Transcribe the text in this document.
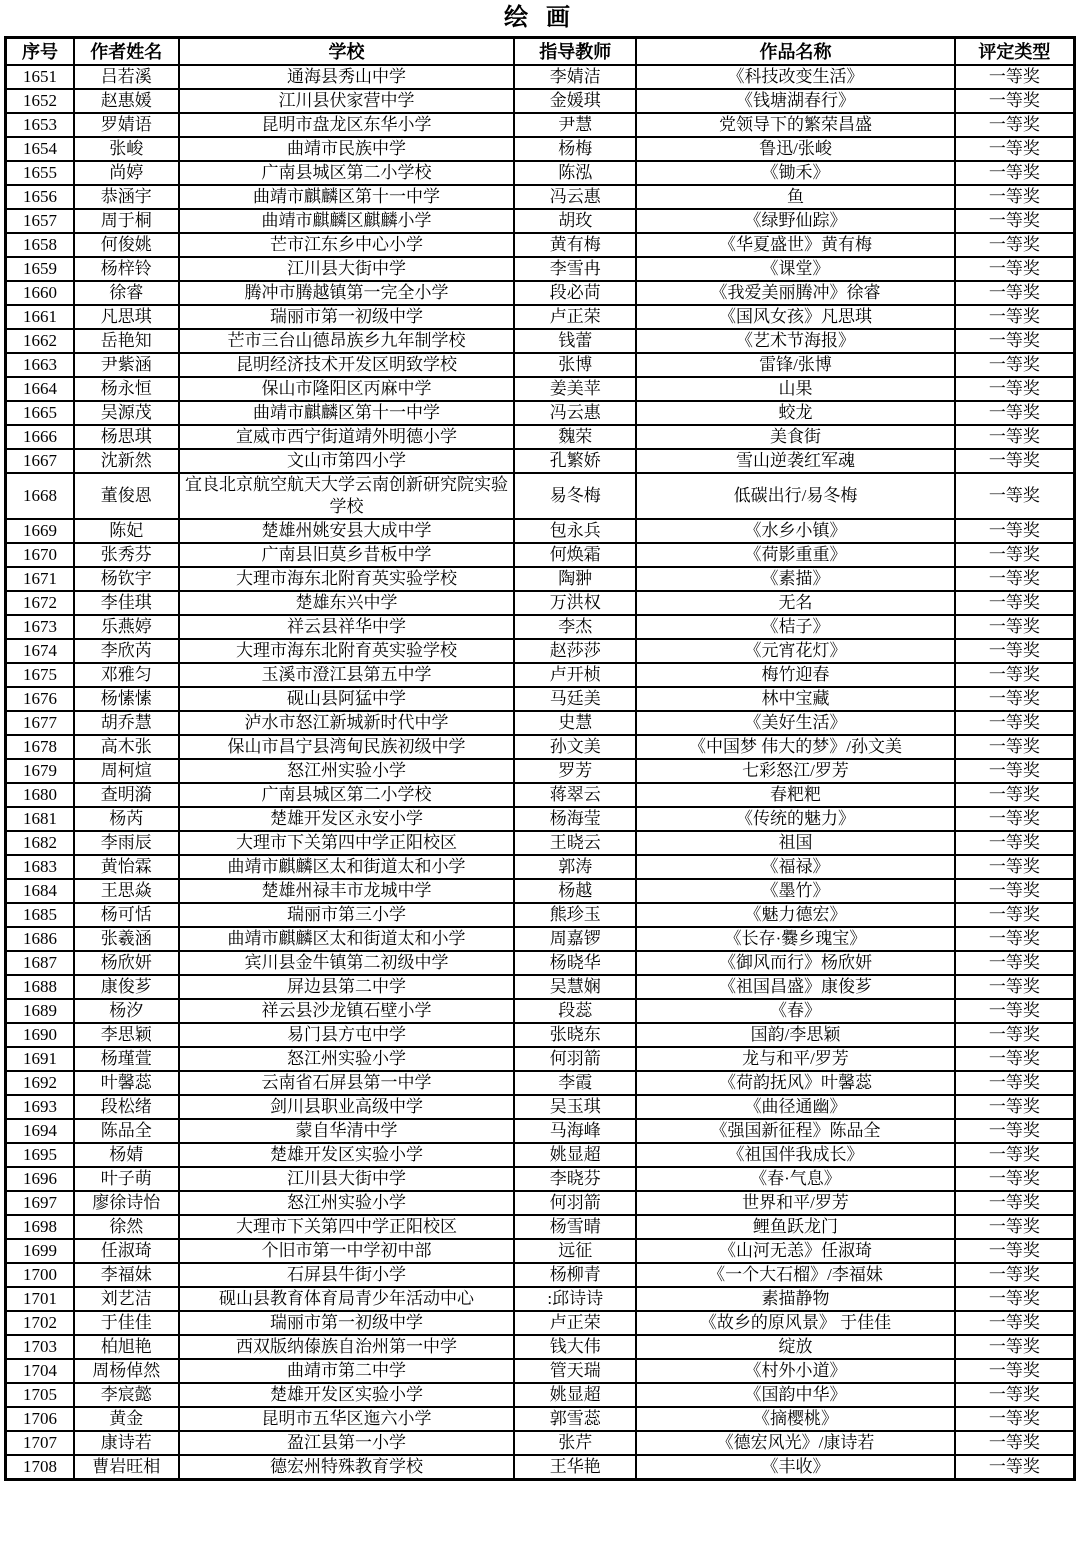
绘 画
序号	作者姓名	学校	指导教师	作品名称	评定类型
1651	吕若溪	通海县秀山中学	李婧洁	《科技改变生活》	一等奖
1652	赵惠媛	江川县伏家营中学	金媛琪	《钱塘湖春行》	一等奖
1653	罗婧语	昆明市盘龙区东华小学	尹慧	党领导下的繁荣昌盛	一等奖
1654	张峻	曲靖市民族中学	杨梅	鲁迅/张峻	一等奖
1655	尚婷	广南县城区第二小学校	陈泓	《锄禾》	一等奖
1656	恭涵宇	曲靖市麒麟区第十一中学	冯云惠	鱼	一等奖
1657	周于桐	曲靖市麒麟区麒麟小学	胡玫	《绿野仙踪》	一等奖
1658	何俊姚	芒市江东乡中心小学	黄有梅	《华夏盛世》黄有梅	一等奖
1659	杨梓铃	江川县大街中学	李雪冉	《课堂》	一等奖
1660	徐睿	腾冲市腾越镇第一完全小学	段必苘	《我爱美丽腾冲》徐睿	一等奖
1661	凡思琪	瑞丽市第一初级中学	卢正荣	《国风女孩》凡思琪	一等奖
1662	岳艳知	芒市三台山德昂族乡九年制学校	钱蕾	《艺术节海报》	一等奖
1663	尹紫涵	昆明经济技术开发区明致学校	张博	雷锋/张博	一等奖
1664	杨永恒	保山市隆阳区丙麻中学	姜美苹	山果	一等奖
1665	吴源茂	曲靖市麒麟区第十一中学	冯云惠	蛟龙	一等奖
1666	杨思琪	宣威市西宁街道靖外明德小学	魏荣	美食街	一等奖
1667	沈新然	文山市第四小学	孔繁娇	雪山逆袭红军魂	一等奖
1668	董俊恩	宜良北京航空航天大学云南创新研究院实验学校	易冬梅	低碳出行/易冬梅	一等奖
1669	陈妃	楚雄州姚安县大成中学	包永兵	《水乡小镇》	一等奖
1670	张秀芬	广南县旧莫乡昔板中学	何焕霜	《荷影重重》	一等奖
1671	杨钦宇	大理市海东北附育英实验学校	陶翀	《素描》	一等奖
1672	李佳琪	楚雄东兴中学	万洪权	无名	一等奖
1673	乐燕婷	祥云县祥华中学	李杰	《桔子》	一等奖
1674	李欣芮	大理市海东北附育英实验学校	赵莎莎	《元宵花灯》	一等奖
1675	邓雅匀	玉溪市澄江县第五中学	卢开桢	梅竹迎春	一等奖
1676	杨愫愫	砚山县阿猛中学	马廷美	林中宝藏	一等奖
1677	胡乔慧	泸水市怒江新城新时代中学	史慧	《美好生活》	一等奖
1678	高木张	保山市昌宁县湾甸民族初级中学	孙文美	《中国梦 伟大的梦》/孙文美	一等奖
1679	周柯煊	怒江州实验小学	罗芳	七彩怒江/罗芳	一等奖
1680	查明漪	广南县城区第二小学校	蒋翠云	春粑粑	一等奖
1681	杨芮	楚雄开发区永安小学	杨海莹	《传统的魅力》	一等奖
1682	李雨辰	大理市下关第四中学正阳校区	王晓云	祖国	一等奖
1683	黄怡霖	曲靖市麒麟区太和街道太和小学	郭涛	《福禄》	一等奖
1684	王思焱	楚雄州禄丰市龙城中学	杨越	《墨竹》	一等奖
1685	杨可恬	瑞丽市第三小学	熊珍玉	《魅力德宏》	一等奖
1686	张羲涵	曲靖市麒麟区太和街道太和小学	周嘉锣	《长存·爨乡瑰宝》	一等奖
1687	杨欣妍	宾川县金牛镇第二初级中学	杨晓华	《御风而行》杨欣妍	一等奖
1688	康俊芗	屏边县第二中学	吴慧娴	《祖国昌盛》康俊芗	一等奖
1689	杨汐	祥云县沙龙镇石壁小学	段蕊	《春》	一等奖
1690	李思颖	易门县方屯中学	张晓东	国韵/李思颖	一等奖
1691	杨瑾萱	怒江州实验小学	何羽箭	龙与和平/罗芳	一等奖
1692	叶馨蕊	云南省石屏县第一中学	李霞	《荷韵抚风》叶馨蕊	一等奖
1693	段松绪	剑川县职业高级中学	吴玉琪	《曲径通幽》	一等奖
1694	陈品全	蒙自华清中学	马海峰	《强国新征程》陈品全	一等奖
1695	杨婧	楚雄开发区实验小学	姚显超	《祖国伴我成长》	一等奖
1696	叶子萌	江川县大街中学	李晓芬	《春·气息》	一等奖
1697	廖徐诗怡	怒江州实验小学	何羽箭	世界和平/罗芳	一等奖
1698	徐然	大理市下关第四中学正阳校区	杨雪晴	鲤鱼跃龙门	一等奖
1699	任淑琦	个旧市第一中学初中部	远征	《山河无恙》任淑琦	一等奖
1700	李福妹	石屏县牛街小学	杨柳青	《一个大石榴》/李福妹	一等奖
1701	刘艺洁	砚山县教育体育局青少年活动中心	:邱诗诗	素描静物	一等奖
1702	于佳佳	瑞丽市第一初级中学	卢正荣	《故乡的原风景》 于佳佳	一等奖
1703	柏旭艳	西双版纳傣族自治州第一中学	钱大伟	绽放	一等奖
1704	周杨倬然	曲靖市第二中学	管天瑞	《村外小道》	一等奖
1705	李宸懿	楚雄开发区实验小学	姚显超	《国韵中华》	一等奖
1706	黄金	昆明市五华区迤六小学	郭雪蕊	《摘樱桃》	一等奖
1707	康诗若	盈江县第一小学	张芹	《德宏风光》/康诗若	一等奖
1708	曹岩旺相	德宏州特殊教育学校	王华艳	《丰收》	一等奖
